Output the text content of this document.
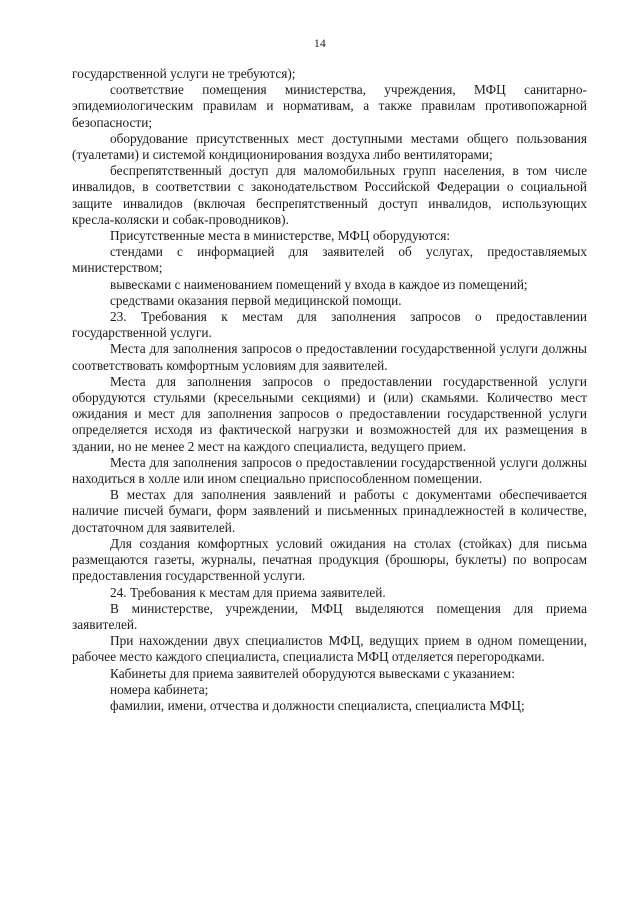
14

государственной услуги не требуются);

соответствие помещения министерства, учреждения, МФЦ санитарно-эпидемиологическим правилам и нормативам, а также правилам противопожарной безопасности;

оборудование присутственных мест доступными местами общего пользования (туалетами) и системой кондиционирования воздуха либо вентиляторами;

беспрепятственный доступ для маломобильных групп населения, в том числе инвалидов, в соответствии с законодательством Российской Федерации о социальной защите инвалидов (включая беспрепятственный доступ инвалидов, использующих кресла-коляски и собак-проводников).

Присутственные места в министерстве, МФЦ оборудуются:

стендами с информацией для заявителей об услугах, предоставляемых министерством;

вывесками с наименованием помещений у входа в каждое из помещений;

средствами оказания первой медицинской помощи.

23. Требования к местам для заполнения запросов о предоставлении государственной услуги.

Места для заполнения запросов о предоставлении государственной услуги должны соответствовать комфортным условиям для заявителей.

Места для заполнения запросов о предоставлении государственной услуги оборудуются стульями (кресельными секциями) и (или) скамьями. Количество мест ожидания и мест для заполнения запросов о предоставлении государственной услуги определяется исходя из фактической нагрузки и возможностей для их размещения в здании, но не менее 2 мест на каждого специалиста, ведущего прием.

Места для заполнения запросов о предоставлении государственной услуги должны находиться в холле или ином специально приспособленном помещении.

В местах для заполнения заявлений и работы с документами обеспечивается наличие писчей бумаги, форм заявлений и письменных принадлежностей в количестве, достаточном для заявителей.

Для создания комфортных условий ожидания на столах (стойках) для письма размещаются газеты, журналы, печатная продукция (брошюры, буклеты) по вопросам предоставления государственной услуги.

24. Требования к местам для приема заявителей.

В министерстве, учреждении, МФЦ выделяются помещения для приема заявителей.

При нахождении двух специалистов МФЦ, ведущих прием в одном помещении, рабочее место каждого специалиста, специалиста МФЦ отделяется перегородками.

Кабинеты для приема заявителей оборудуются вывесками с указанием:

номера кабинета;

фамилии, имени, отчества и должности специалиста, специалиста МФЦ;
